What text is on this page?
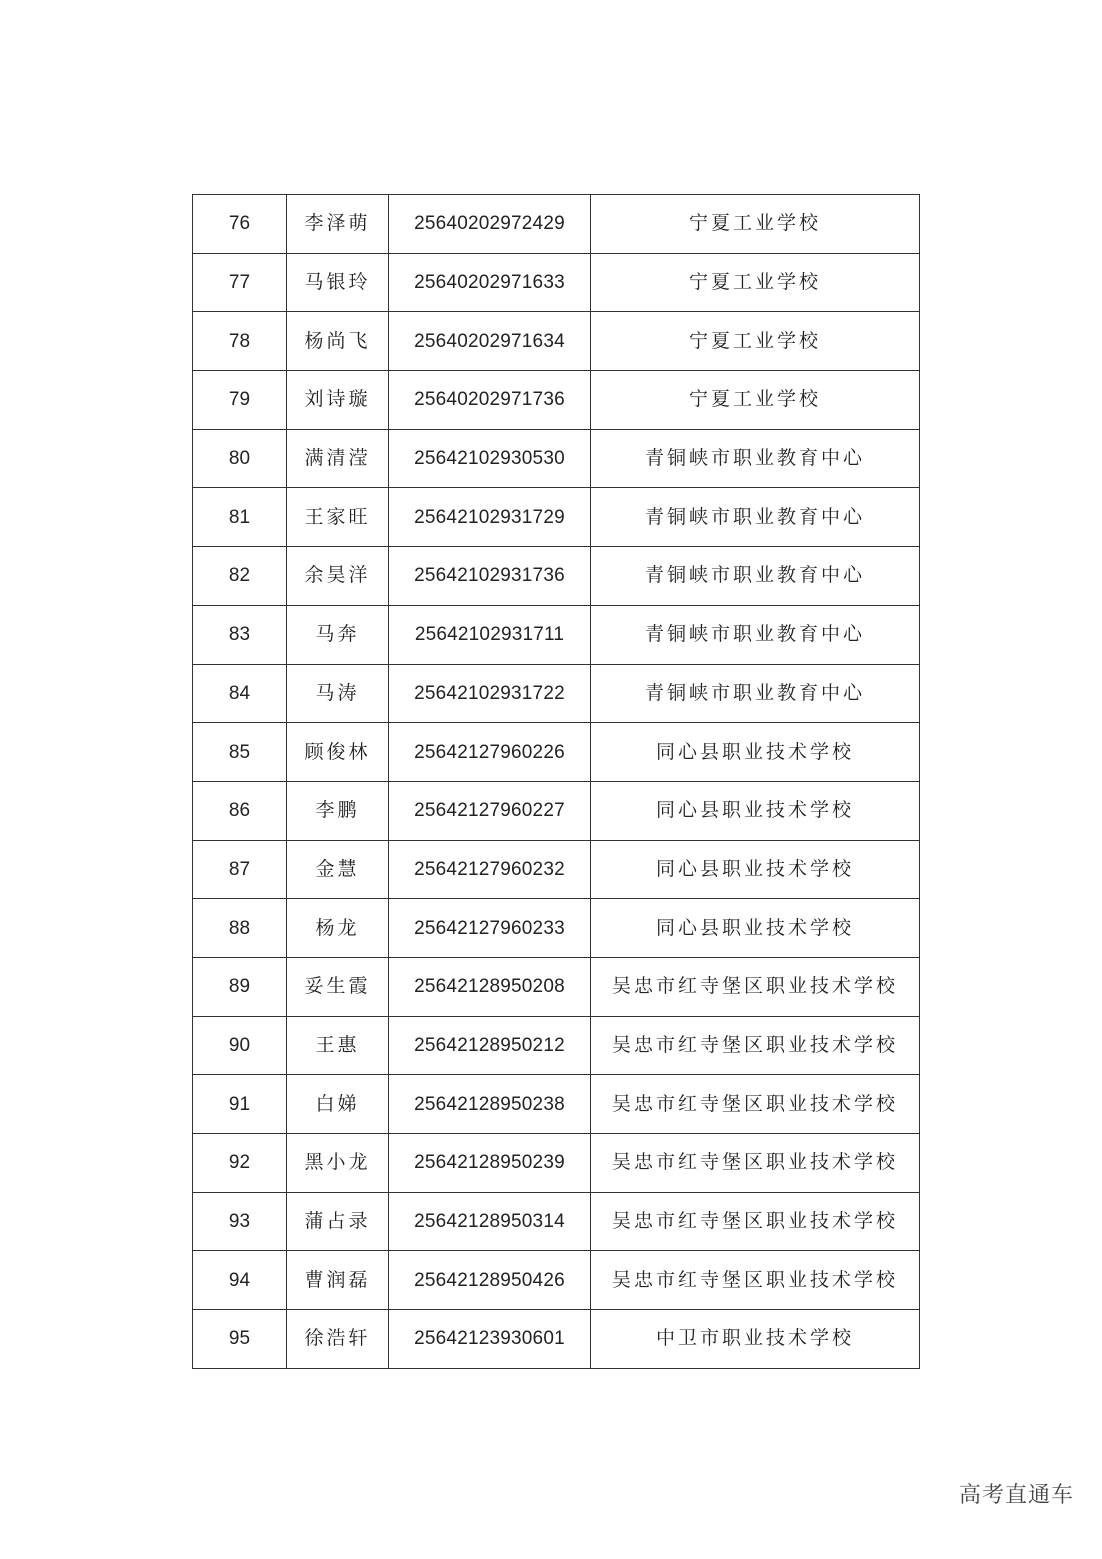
76	李泽萌	25640202972429	宁夏工业学校
77	马银玲	25640202971633	宁夏工业学校
78	杨尚飞	25640202971634	宁夏工业学校
79	刘诗璇	25640202971736	宁夏工业学校
80	满清滢	25642102930530	青铜峡市职业教育中心
81	王家旺	25642102931729	青铜峡市职业教育中心
82	余昊洋	25642102931736	青铜峡市职业教育中心
83	马奔	25642102931711	青铜峡市职业教育中心
84	马涛	25642102931722	青铜峡市职业教育中心
85	顾俊林	25642127960226	同心县职业技术学校
86	李鹏	25642127960227	同心县职业技术学校
87	金慧	25642127960232	同心县职业技术学校
88	杨龙	25642127960233	同心县职业技术学校
89	妥生霞	25642128950208	吴忠市红寺堡区职业技术学校
90	王惠	25642128950212	吴忠市红寺堡区职业技术学校
91	白娣	25642128950238	吴忠市红寺堡区职业技术学校
92	黑小龙	25642128950239	吴忠市红寺堡区职业技术学校
93	蒲占录	25642128950314	吴忠市红寺堡区职业技术学校
94	曹润磊	25642128950426	吴忠市红寺堡区职业技术学校
95	徐浩轩	25642123930601	中卫市职业技术学校
高考直通车
